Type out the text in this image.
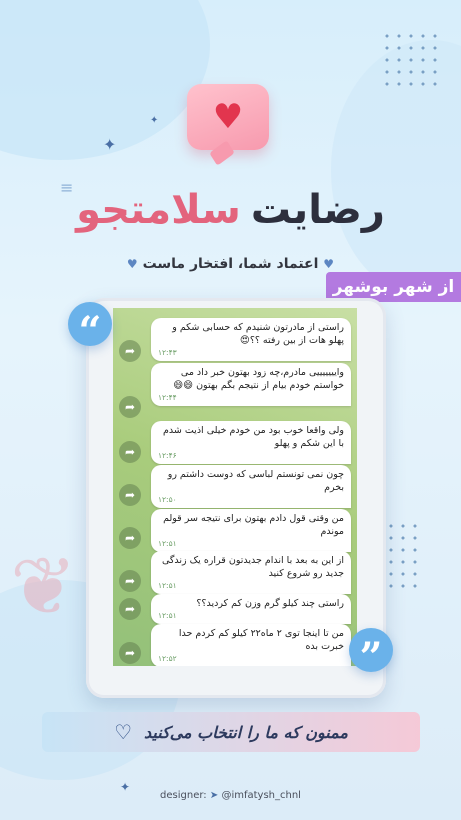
❦
✦
✦
≡
✦
♥
رضایت
سلامتجو
♥ اعتماد شما، افتخار ماست ♥
از شهر بوشهر
راستی از مادرتون شنیدم که حسابی شکم و پهلو هات از بین رفته ؟؟😍
۱۲:۴۳
➦
وایییییییی مادرم،چه زود بهتون خبر داد می خواستم خودم بیام از نتیجم بگم بهتون 😄😄
۱۲:۴۴
➦
ولی واقعا خوب بود من خودم خیلی اذیت شدم با این شکم و پهلو
۱۲:۴۶
➦
چون نمی تونستم لباسی که دوست داشتم رو بخرم
۱۲:۵۰
➦
من وقتی قول دادم بهتون برای نتیجه سر قولم موندم
۱۲:۵۱
➦
از این به بعد با اندام جدیدتون قراره یک زندگی جدید رو شروع کنید
۱۲:۵۱
➦
راستی چند کیلو گرم وزن کم کردید؟؟
۱۲:۵۱
➦
من تا اینجا توی ۲ ماه۲۲ کیلو کم کردم حدا خبرت بده
۱۲:۵۲
➦
“
”
ممنون که ما را انتخاب می‌کنید
♡
designer: ➤ @imfatysh_chnl
